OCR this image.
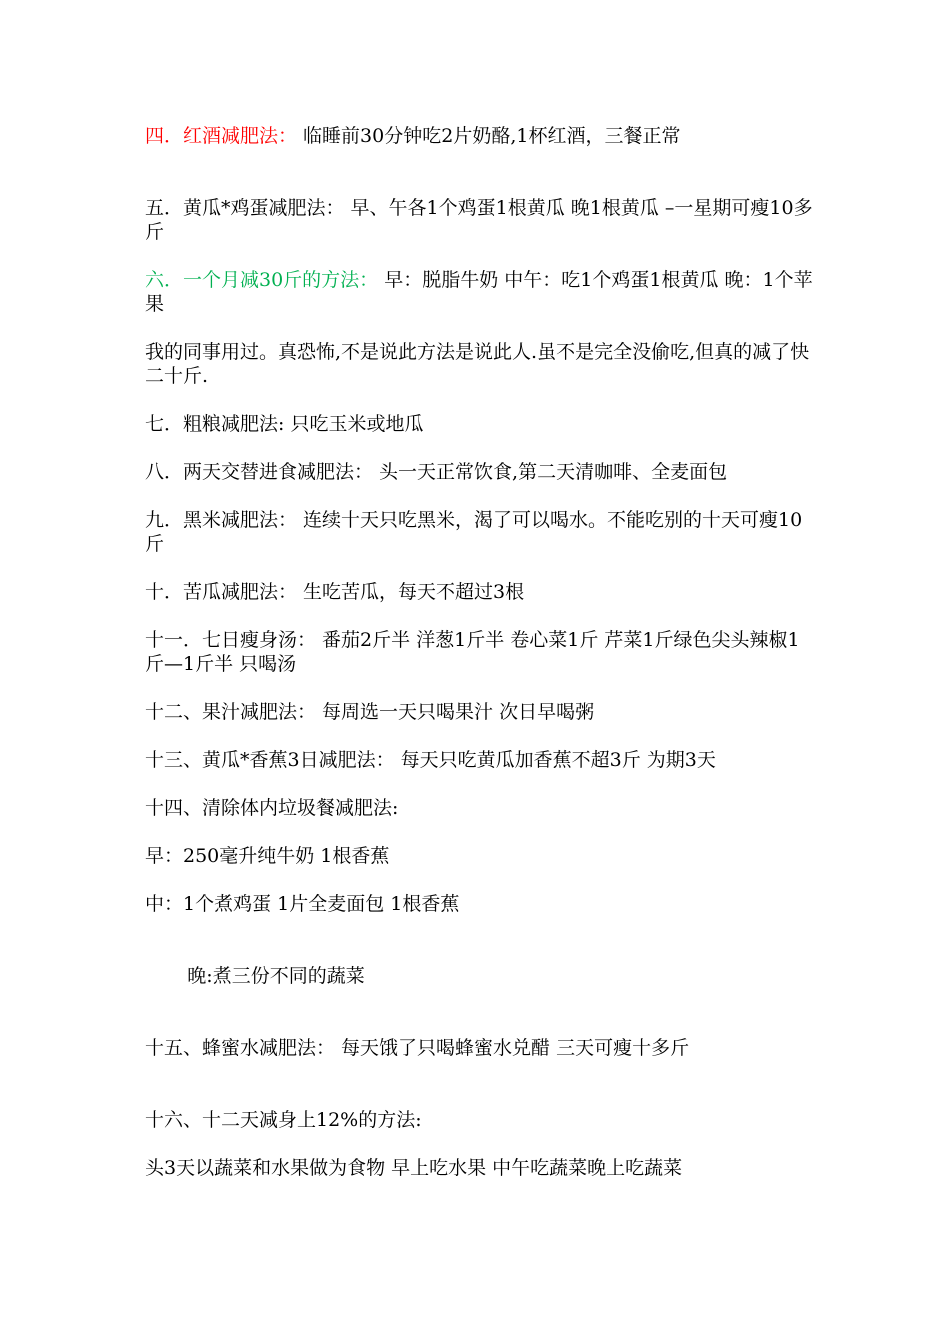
四．红酒减肥法： 临睡前30分钟吃2片奶酪,1杯红酒，三餐正常

五．黄瓜*鸡蛋减肥法： 早、午各1个鸡蛋1根黄瓜 晚1根黄瓜 –一星期可瘦10多斤

六．一个月减30斤的方法： 早：脱脂牛奶 中午：吃1个鸡蛋1根黄瓜 晚：1个苹果

我的同事用过。真恐怖,不是说此方法是说此人.虽不是完全没偷吃,但真的减了快二十斤.

七．粗粮减肥法: 只吃玉米或地瓜

八．两天交替进食减肥法： 头一天正常饮食,第二天清咖啡、全麦面包

九．黑米减肥法： 连续十天只吃黑米，渴了可以喝水。不能吃别的十天可瘦10斤

十．苦瓜减肥法： 生吃苦瓜，每天不超过3根

十一．七日瘦身汤： 番茄2斤半 洋葱1斤半 卷心菜1斤 芹菜1斤绿色尖头辣椒1斤—1斤半 只喝汤

十二、果汁减肥法： 每周选一天只喝果汁 次日早喝粥

十三、黄瓜*香蕉3日减肥法： 每天只吃黄瓜加香蕉不超3斤 为期3天

十四、清除体内垃圾餐减肥法:

早：250毫升纯牛奶 1根香蕉

中：1个煮鸡蛋 1片全麦面包 1根香蕉

晚:煮三份不同的蔬菜

十五、蜂蜜水减肥法： 每天饿了只喝蜂蜜水兑醋 三天可瘦十多斤

十六、十二天减身上12%的方法:

头3天以蔬菜和水果做为食物 早上吃水果 中午吃蔬菜晚上吃蔬菜
